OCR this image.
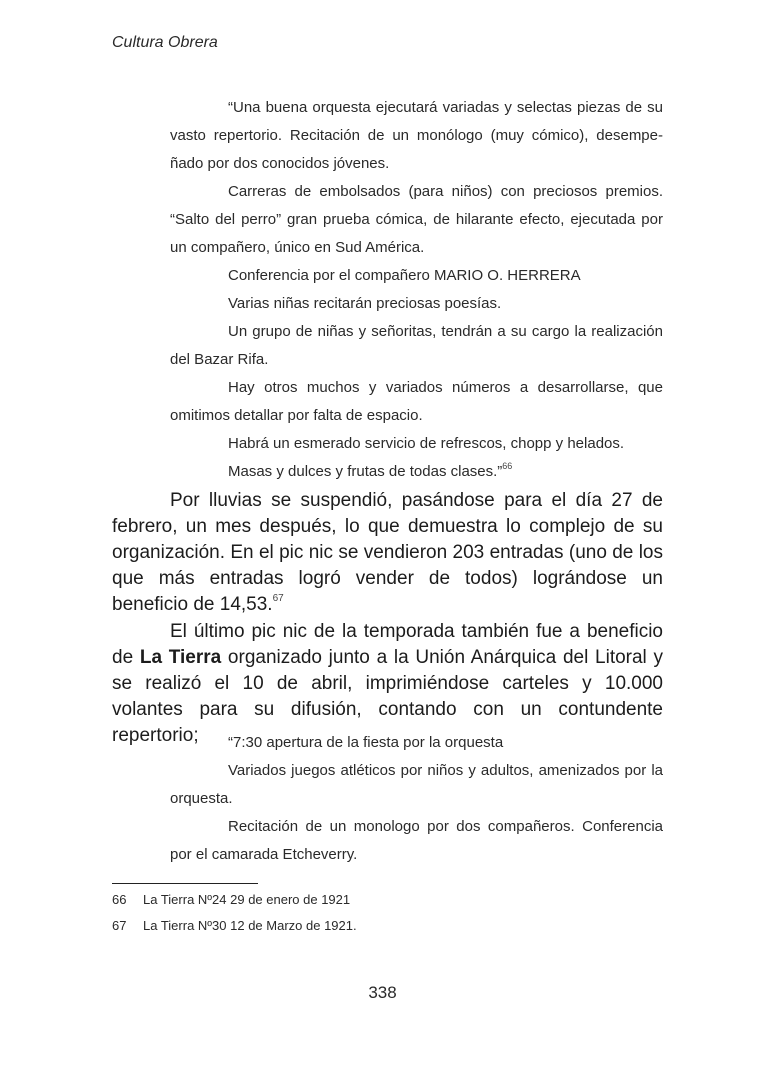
Cultura Obrera

“Una buena orquesta ejecutará variadas y selectas piezas de su vasto repertorio. Recitación de un monólogo (muy cómico), desempe-ñado por dos conocidos jóvenes.

Carreras de embolsados (para niños) con preciosos premios. “Salto del perro” gran prueba cómica, de hilarante efecto, ejecutada por un compañero, único en Sud América.

Conferencia por el compañero MARIO O. HERRERA

Varias niñas recitarán preciosas poesías.

Un grupo de niñas y señoritas, tendrán a su cargo la realización del Bazar Rifa.

Hay otros muchos y variados números a desarrollarse, que omitimos detallar por falta de espacio.

Habrá un esmerado servicio de refrescos, chopp y helados.

Masas y dulces y frutas de todas clases.”$^{66}$

Por lluvias se suspendió, pasándose para el día 27 de febrero, un mes después, lo que demuestra lo complejo de su organización. En el pic nic se vendieron 203 entradas (uno de los que más entradas logró vender de todos) lográndose un beneficio de 14,53.67

El último pic nic de la temporada también fue a beneficio de La Tierra organizado junto a la Unión Anárquica del Litoral y se realizó el 10 de abril, imprimiéndose carteles y 10.000 volantes para su difusión, contando con un contundente repertorio;	“7:30 apertura de la fiesta por la orquesta

Variados juegos atléticos por niños y adultos, amenizados por la orquesta.

Recitación de un monologo por dos compañeros. Conferencia por el camarada Etcheverry.

66	La Tierra Nº24 29 de enero de 1921
67	La Tierra Nº30 12 de Marzo de 1921.
338
